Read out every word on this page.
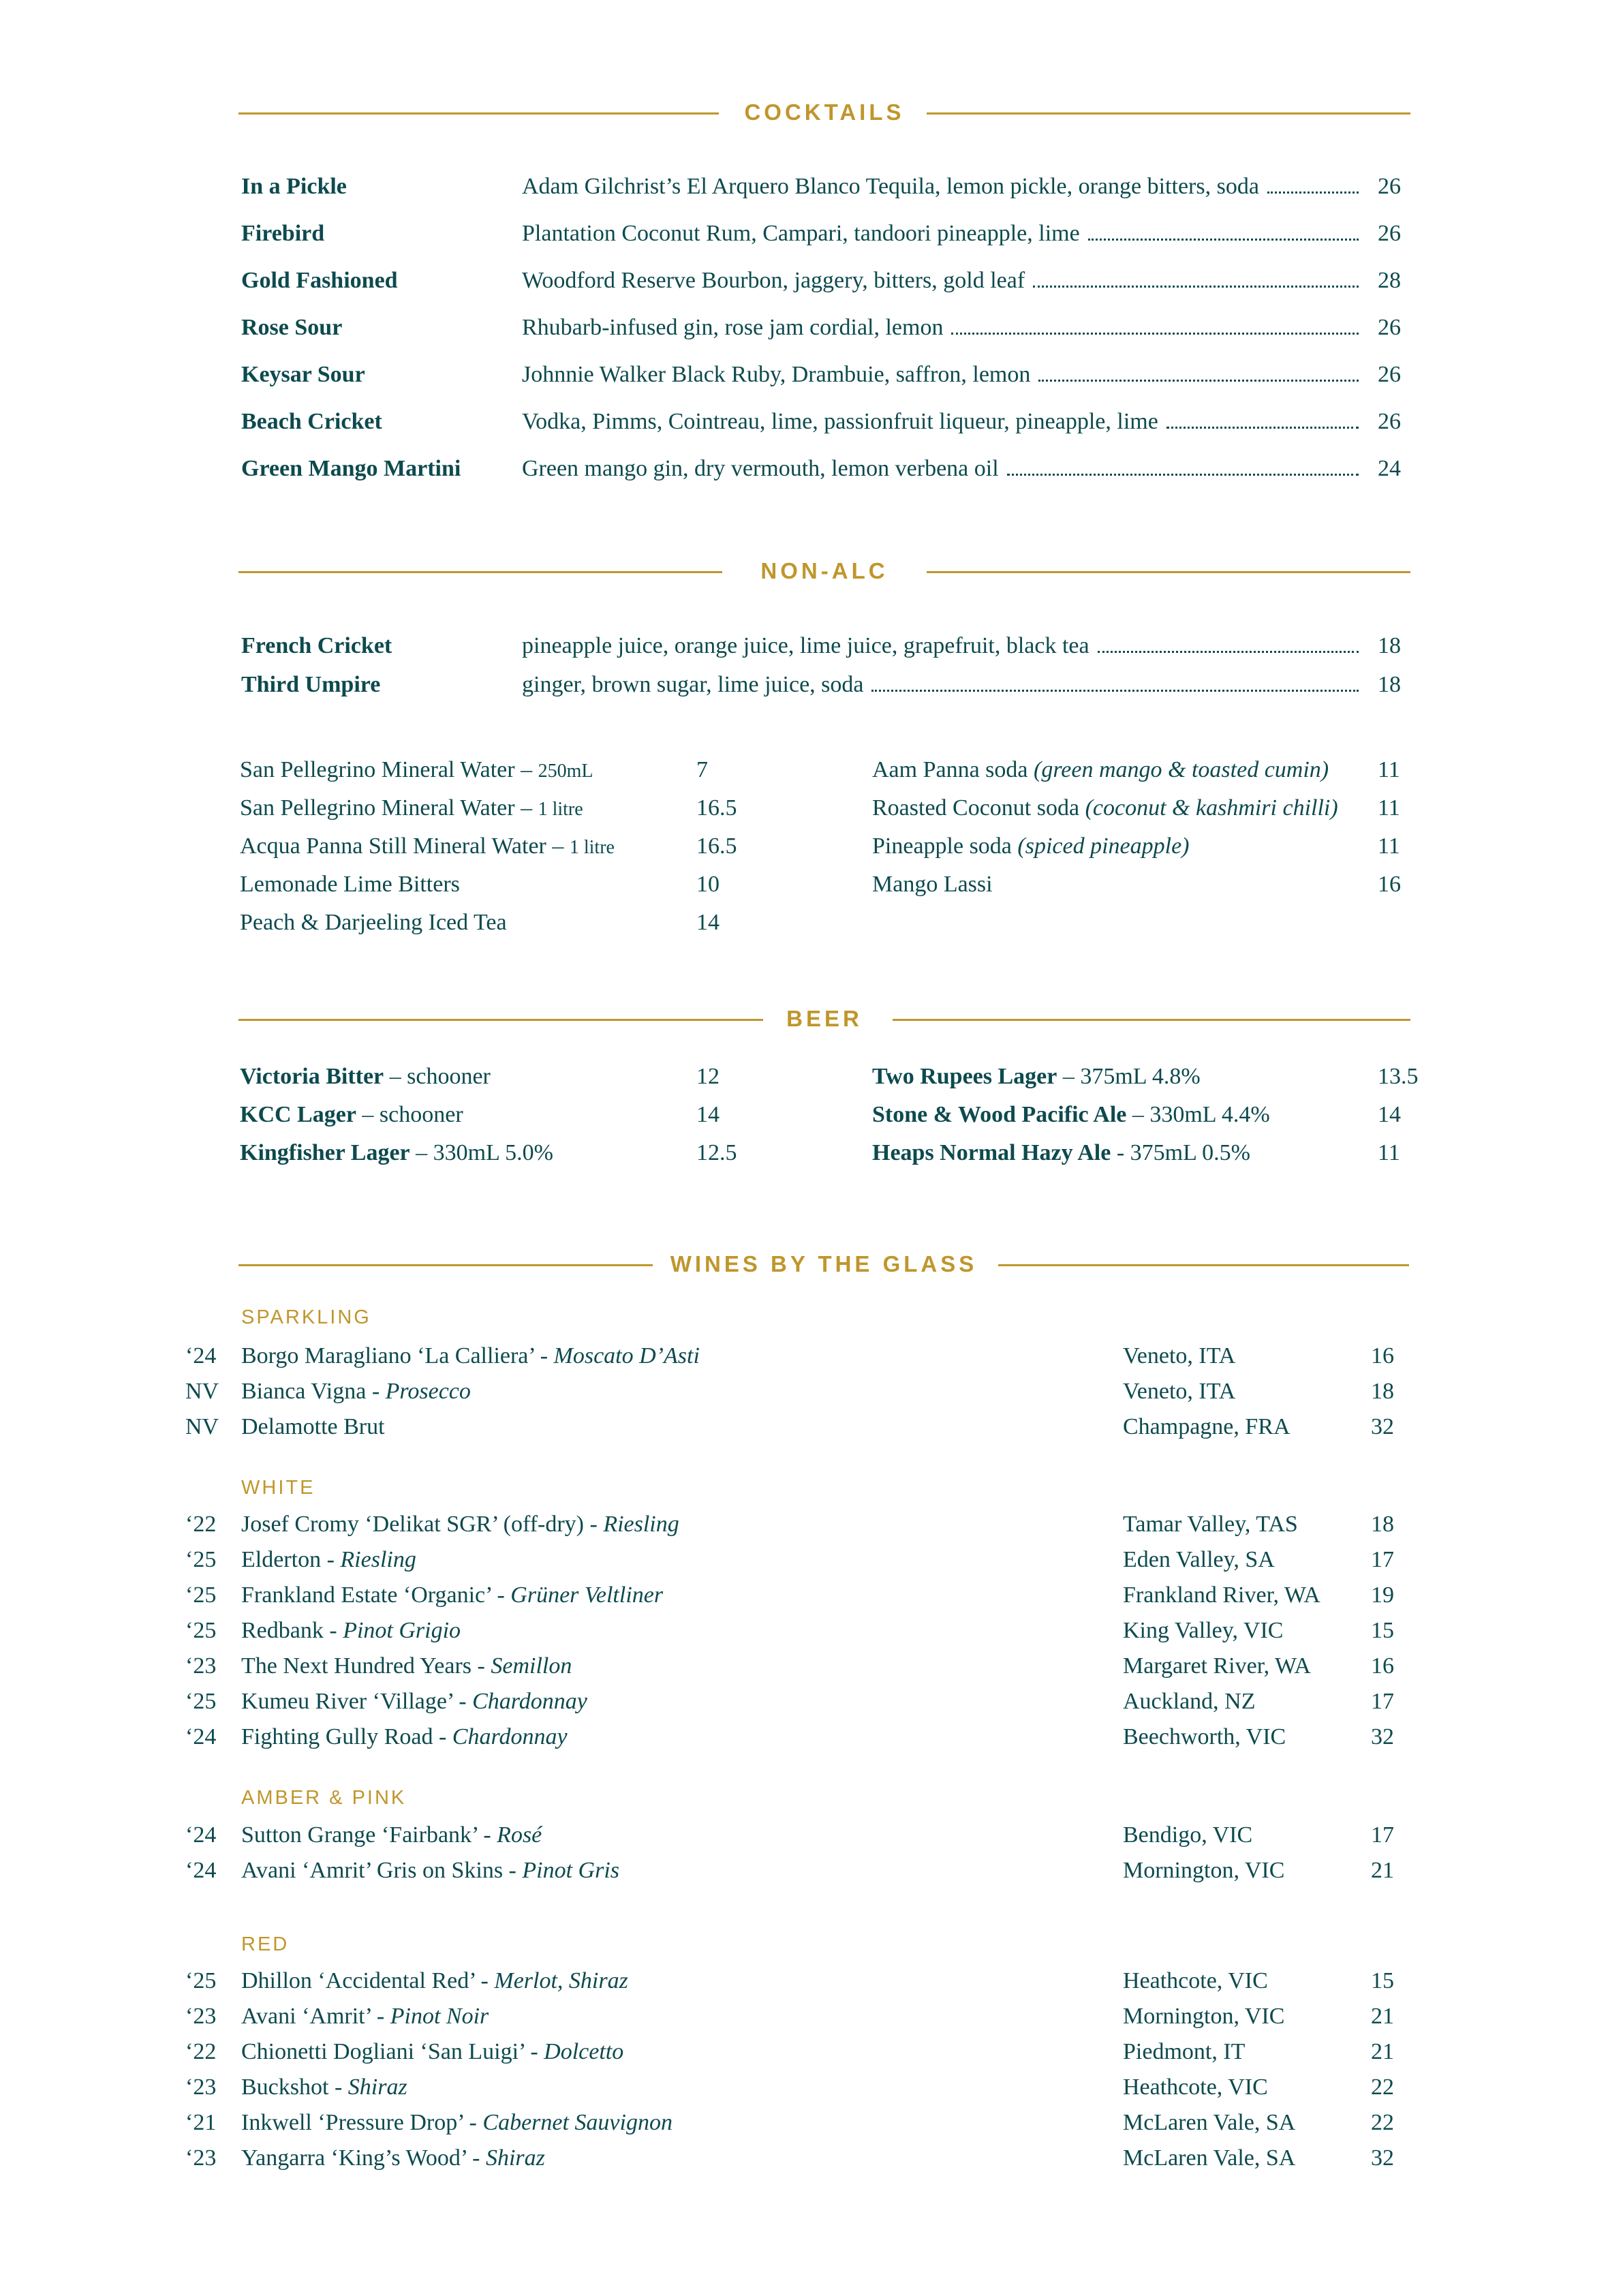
COCKTAILS
In a Pickle	Adam Gilchrist’s El Arquero Blanco Tequila, lemon pickle, orange bitters, soda	26
Firebird	Plantation Coconut Rum, Campari, tandoori pineapple, lime	26
Gold Fashioned	Woodford Reserve Bourbon, jaggery, bitters, gold leaf	28
Rose Sour	Rhubarb-infused gin, rose jam cordial, lemon	26
Keysar Sour	Johnnie Walker Black Ruby, Drambuie, saffron, lemon	26
Beach Cricket	Vodka, Pimms, Cointreau, lime, passionfruit liqueur, pineapple, lime	26
Green Mango Martini	Green mango gin, dry vermouth, lemon verbena oil	24
NON-ALC
French Cricket	pineapple juice, orange juice, lime juice, grapefruit, black tea	18
Third Umpire	ginger, brown sugar, lime juice, soda	18
San Pellegrino Mineral Water – 250mL	7
San Pellegrino Mineral Water – 1 litre	16.5
Acqua Panna Still Mineral Water – 1 litre	16.5
Lemonade Lime Bitters	10
Peach & Darjeeling Iced Tea	14
Aam Panna soda (green mango & toasted cumin) 11
Roasted Coconut soda (coconut & kashmiri chilli) 11
Pineapple soda (spiced pineapple)	11
Mango Lassi	16
BEER
Victoria Bitter – schooner	12
KCC Lager – schooner	14
Kingfisher Lager – 330mL 5.0%	12.5
Two Rupees Lager – 375mL 4.8%	13.5
Stone & Wood Pacific Ale – 330mL 4.4%	14
Heaps Normal Hazy Ale - 375mL 0.5%	11
WINES BY THE GLASS
SPARKLING
‘24 Borgo Maragliano ‘La Calliera’ - Moscato D’Asti	Veneto, ITA	16
NV Bianca Vigna - Prosecco	Veneto, ITA	18
NV Delamotte Brut	Champagne, FRA	32
WHITE
‘22 Josef Cromy ‘Delikat SGR’ (off-dry) - Riesling	Tamar Valley, TAS	18
‘25 Elderton - Riesling	Eden Valley, SA	17
‘25 Frankland Estate ‘Organic’ - Grüner Veltliner	Frankland River, WA 19
‘25 Redbank - Pinot Grigio	King Valley, VIC	15
‘23 The Next Hundred Years - Semillon	Margaret River, WA	16
‘25 Kumeu River ‘Village’ - Chardonnay	Auckland, NZ	17
‘24 Fighting Gully Road - Chardonnay	Beechworth, VIC	32
AMBER & PINK
‘24 Sutton Grange ‘Fairbank’ - Rosé	Bendigo, VIC	17
‘24 Avani ‘Amrit’ Gris on Skins - Pinot Gris	Mornington, VIC	21
RED
‘25 Dhillon ‘Accidental Red’ - Merlot, Shiraz	Heathcote, VIC	15
‘23 Avani ‘Amrit’ - Pinot Noir	Mornington, VIC	21
‘22 Chionetti Dogliani ‘San Luigi’ - Dolcetto	Piedmont, IT	21
‘23 Buckshot - Shiraz	Heathcote, VIC	22
‘21 Inkwell ‘Pressure Drop’ - Cabernet Sauvignon	McLaren Vale, SA	22
‘23 Yangarra ‘King’s Wood’ - Shiraz	McLaren Vale, SA	32
